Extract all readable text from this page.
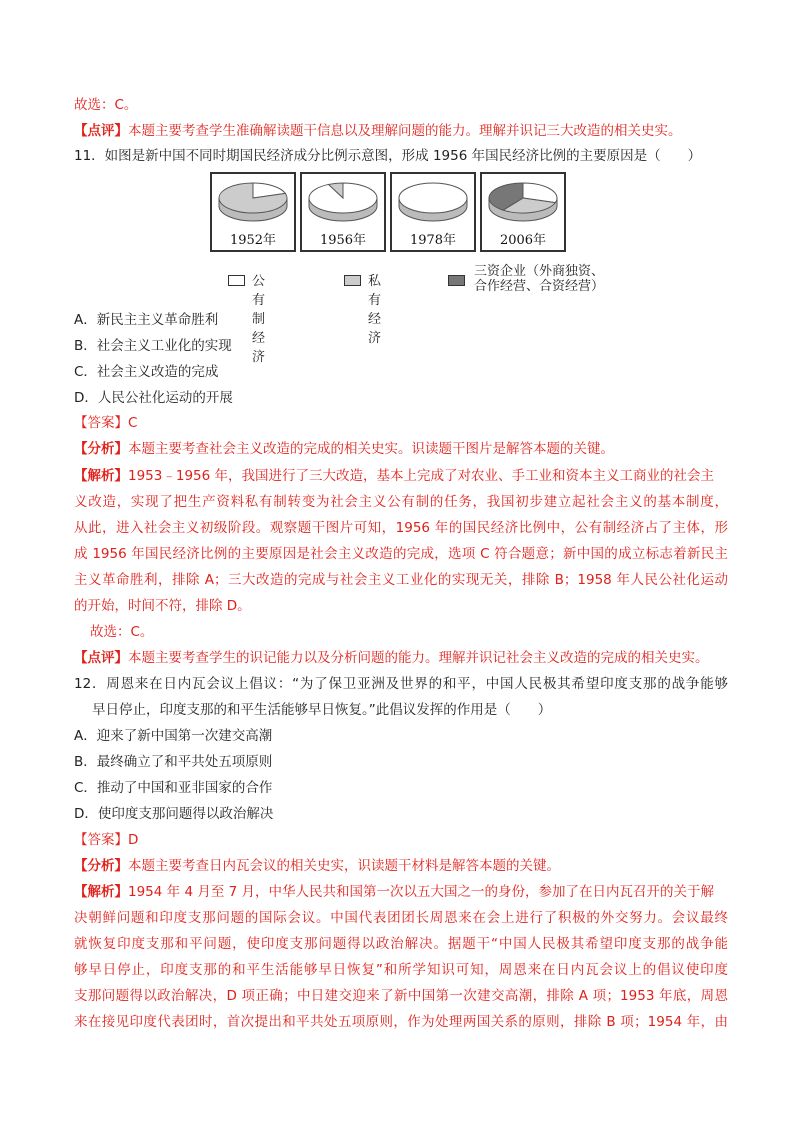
故选：C。
【点评】本题主要考查学生准确解读题干信息以及理解问题的能力。理解并识记三大改造的相关史实。
11．如图是新中国不同时期国民经济成分比例示意图，形成 1956 年国民经济比例的主要原因是（　　）
1952年	1956年	1978年	2006年
公有制经济
私有经济
三资企业（外商独资、
合作经营、合资经营）
A．新民主主义革命胜利
B．社会主义工业化的实现
C．社会主义改造的完成
D．人民公社化运动的开展
【答案】C
【分析】本题主要考查社会主义改造的完成的相关史实。识读题干图片是解答本题的关键。
【解析】1953﹣1956 年，我国进行了三大改造，基本上完成了对农业、手工业和资本主义工商业的社会主
义改造，实现了把生产资料私有制转变为社会主义公有制的任务，我国初步建立起社会主义的基本制度，
从此，进入社会主义初级阶段。观察题干图片可知，1956 年的国民经济比例中，公有制经济占了主体，形
成 1956 年国民经济比例的主要原因是社会主义改造的完成，选项 C 符合题意；新中国的成立标志着新民主
主义革命胜利，排除 A；三大改造的完成与社会主义工业化的实现无关，排除 B；1958 年人民公社化运动
的开始，时间不符，排除 D。
故选：C。
【点评】本题主要考查学生的识记能力以及分析问题的能力。理解并识记社会主义改造的完成的相关史实。
12．周恩来在日内瓦会议上倡议：“为了保卫亚洲及世界的和平，中国人民极其希望印度支那的战争能够
早日停止，印度支那的和平生活能够早日恢复。”此倡议发挥的作用是（　　）
A．迎来了新中国第一次建交高潮
B．最终确立了和平共处五项原则
C．推动了中国和亚非国家的合作
D．使印度支那问题得以政治解决
【答案】D
【分析】本题主要考查日内瓦会议的相关史实，识读题干材料是解答本题的关键。
【解析】1954 年 4 月至 7 月，中华人民共和国第一次以五大国之一的身份，参加了在日内瓦召开的关于解
决朝鲜问题和印度支那问题的国际会议。中国代表团团长周恩来在会上进行了积极的外交努力。会议最终
就恢复印度支那和平问题，使印度支那问题得以政治解决。据题干“中国人民极其希望印度支那的战争能
够早日停止，印度支那的和平生活能够早日恢复”和所学知识可知，周恩来在日内瓦会议上的倡议使印度
支那问题得以政治解决，D 项正确；中日建交迎来了新中国第一次建交高潮，排除 A 项；1953 年底，周恩
来在接见印度代表团时，首次提出和平共处五项原则，作为处理两国关系的原则，排除 B 项；1954 年，由
